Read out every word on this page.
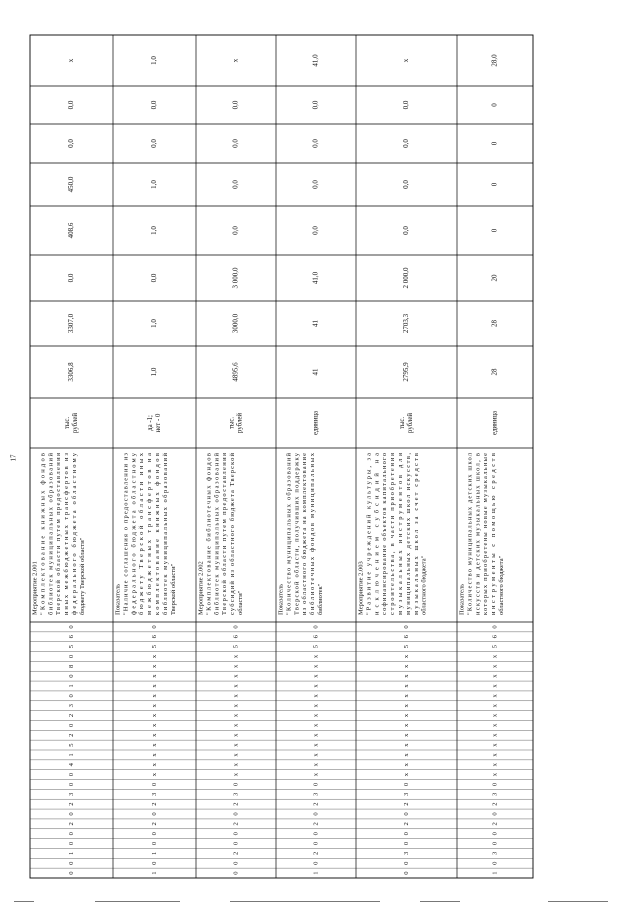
0
6
5
0
8
0
1
0
3
2
0
2
5
1
4
0
0
3
2
0
2
0
0
1
0
0
Мероприятие 2.001 "Комплектование книжных фондов
библиотек муниципальных образований
Тверской области путем предоставления
иных межбюджетных трансфертов из
федерального бюджета областному
бюджету Тверской области"
тыс. рублей
3306,8
3307,0
0,0
408,6
450,0
0,0
0,0
x
0
6
5
x
x
x
x
x
x
x
x
x
x
x
x
x
0
3
2
0
2
0
0
1
0
1
Показатель "Наличие соглашения о предоставлении из
федерального бюджета областному
бюджету Тверской области иных
межбюджетных трансфертов на
комплектование книжных фондов
библиотек муниципальных образований
Тверской области"
да -1; нет - 0
1,0
1,0
0,0
1,0
1,0
0,0
0,0
1,0
0
6
5
x
x
x
x
x
x
x
x
x
x
x
x
x
0
3
2
0
2
0
0
2
0
0
Мероприятие 2.002 "Комплектование библиотечных фондов
библиотек муниципальных образований
Тверской области путем предоставления
субсидий из областного бюджета Тверской
области"
тыс. рублей
4895,6
3000,0
3 000,0
0,0
0,0
0,0
0,0
x
0
6
5
x
x
x
x
x
x
x
x
x
x
x
x
x
0
3
2
0
2
0
0
2
0
1
Показатель "Количество муниципальных образований
Тверской области, получивших поддержку
из областного бюджета на комплектование
библиотечных фондов муниципальных
библиотек"
единица
41
41
41,0
0,0
0,0
0,0
0,0
41,0
0
6
5
x
x
x
x
x
x
x
x
x
x
x
x
x
0
3
2
0
2
0
0
3
0
0
Мероприятие 2.003 "Развитие учреждений культуры, за
исключением субсидий на
софинансирование объектов капитального
строительства, в части приобретения
музыкальных инструментов для
муниципальных детских школ искусств,
музыкальных школ за счет средств
областного бюджета"
тыс. рублей
2795,9
2703,3
2 000,0
0,0
0,0
0,0
0,0
x
0
6
5
x
x
x
x
x
x
x
x
x
x
x
x
x
0
3
2
0
2
0
0
3
0
1
Показатель "Количество муниципальных детских школ
искусств и детских музыкальных школ, в
которых приобретены новые музыкальные
инструменты с помощью средств
областного бюджета"
единица
28
28
20
0
0
0
0
28,0
17
